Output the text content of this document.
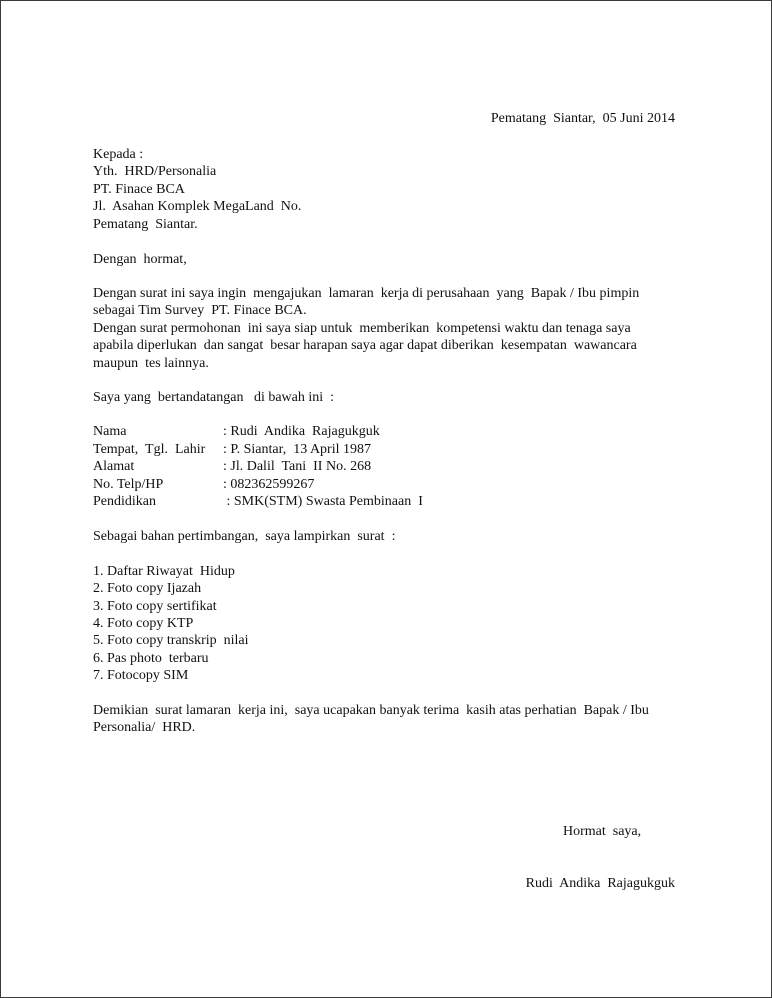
Pematang  Siantar,  05 Juni 2014
Kepada :
Yth.  HRD/Personalia
PT. Finace BCA
Jl.  Asahan Komplek MegaLand  No.
Pematang  Siantar.
Dengan  hormat,
Dengan surat ini saya ingin  mengajukan  lamaran  kerja di perusahaan  yang  Bapak / Ibu pimpin
sebagai Tim Survey  PT. Finace BCA.
Dengan surat permohonan  ini saya siap untuk  memberikan  kompetensi waktu dan tenaga saya
apabila diperlukan  dan sangat  besar harapan saya agar dapat diberikan  kesempatan  wawancara
maupun  tes lainnya.
Saya yang  bertandatangan   di bawah ini  :
Nama	: Rudi  Andika  Rajagukguk
Tempat,  Tgl.  Lahir : P. Siantar,  13 April 1987
Alamat	: Jl. Dalil  Tani  II No. 268
No. Telp/HP	: 082362599267
Pendidikan	: SMK(STM) Swasta Pembinaan  I
Sebagai bahan pertimbangan,  saya lampirkan  surat  :
1. Daftar Riwayat  Hidup
2. Foto copy Ijazah
3. Foto copy sertifikat
4. Foto copy KTP
5. Foto copy transkrip  nilai
6. Pas photo  terbaru
7. Fotocopy SIM
Demikian  surat lamaran  kerja ini,  saya ucapakan banyak terima  kasih atas perhatian  Bapak / Ibu
Personalia/  HRD.
Hormat  saya,
Rudi  Andika  Rajagukguk
